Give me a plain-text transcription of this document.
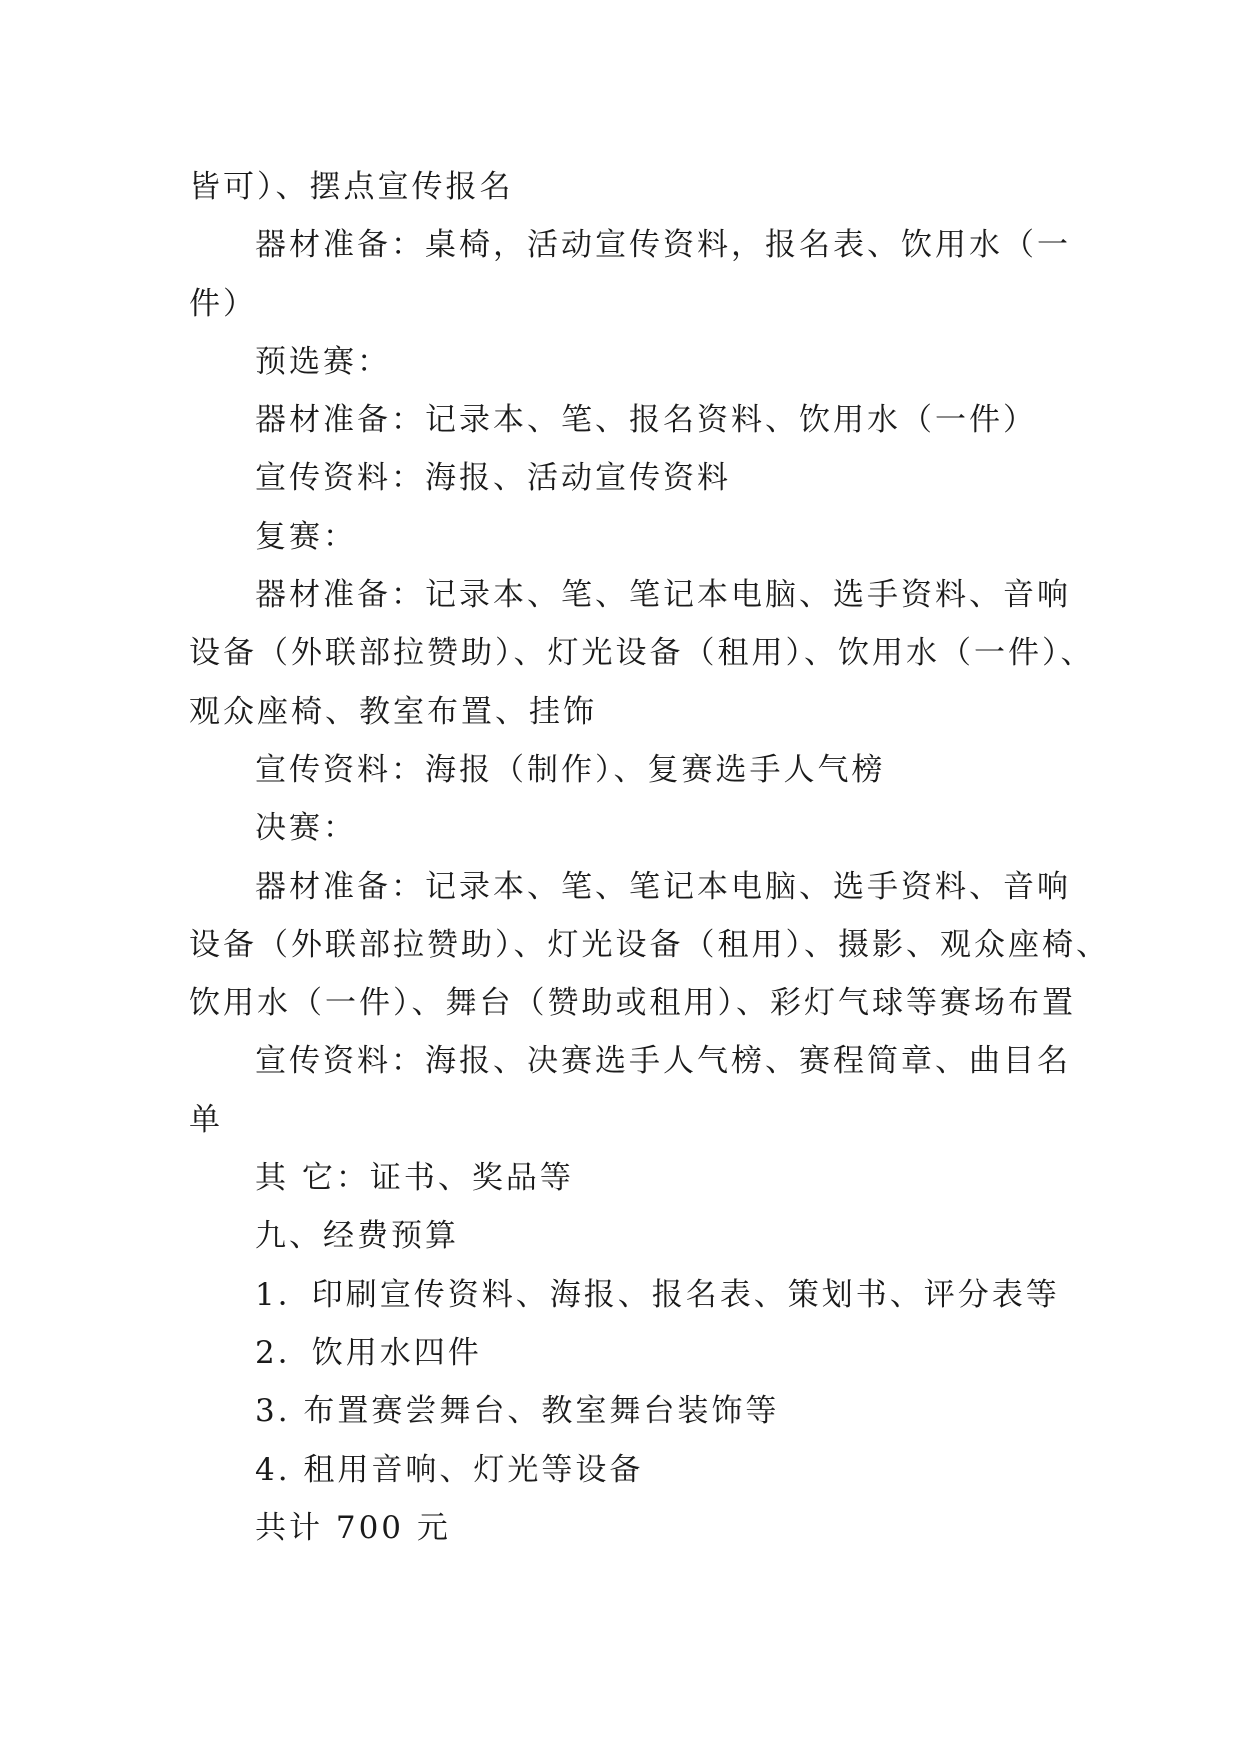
皆可）、摆点宣传报名
器材准备：桌椅，活动宣传资料，报名表、饮用水（一
件）
预选赛：
器材准备：记录本、笔、报名资料、饮用水（一件）
宣传资料：海报、活动宣传资料
复赛：
器材准备：记录本、笔、笔记本电脑、选手资料、音响
设备（外联部拉赞助）、灯光设备（租用）、饮用水（一件）、
观众座椅、教室布置、挂饰
宣传资料：海报（制作）、复赛选手人气榜
决赛：
器材准备：记录本、笔、笔记本电脑、选手资料、音响
设备（外联部拉赞助）、灯光设备（租用）、摄影、观众座椅、
饮用水（一件）、舞台（赞助或租用）、彩灯气球等赛场布置
宣传资料：海报、决赛选手人气榜、赛程简章、曲目名
单
其 它：证书、奖品等
九、经费预算
1．印刷宣传资料、海报、报名表、策划书、评分表等
2．饮用水四件
3. 布置赛尝舞台、教室舞台装饰等
4. 租用音响、灯光等设备
共计 700 元
